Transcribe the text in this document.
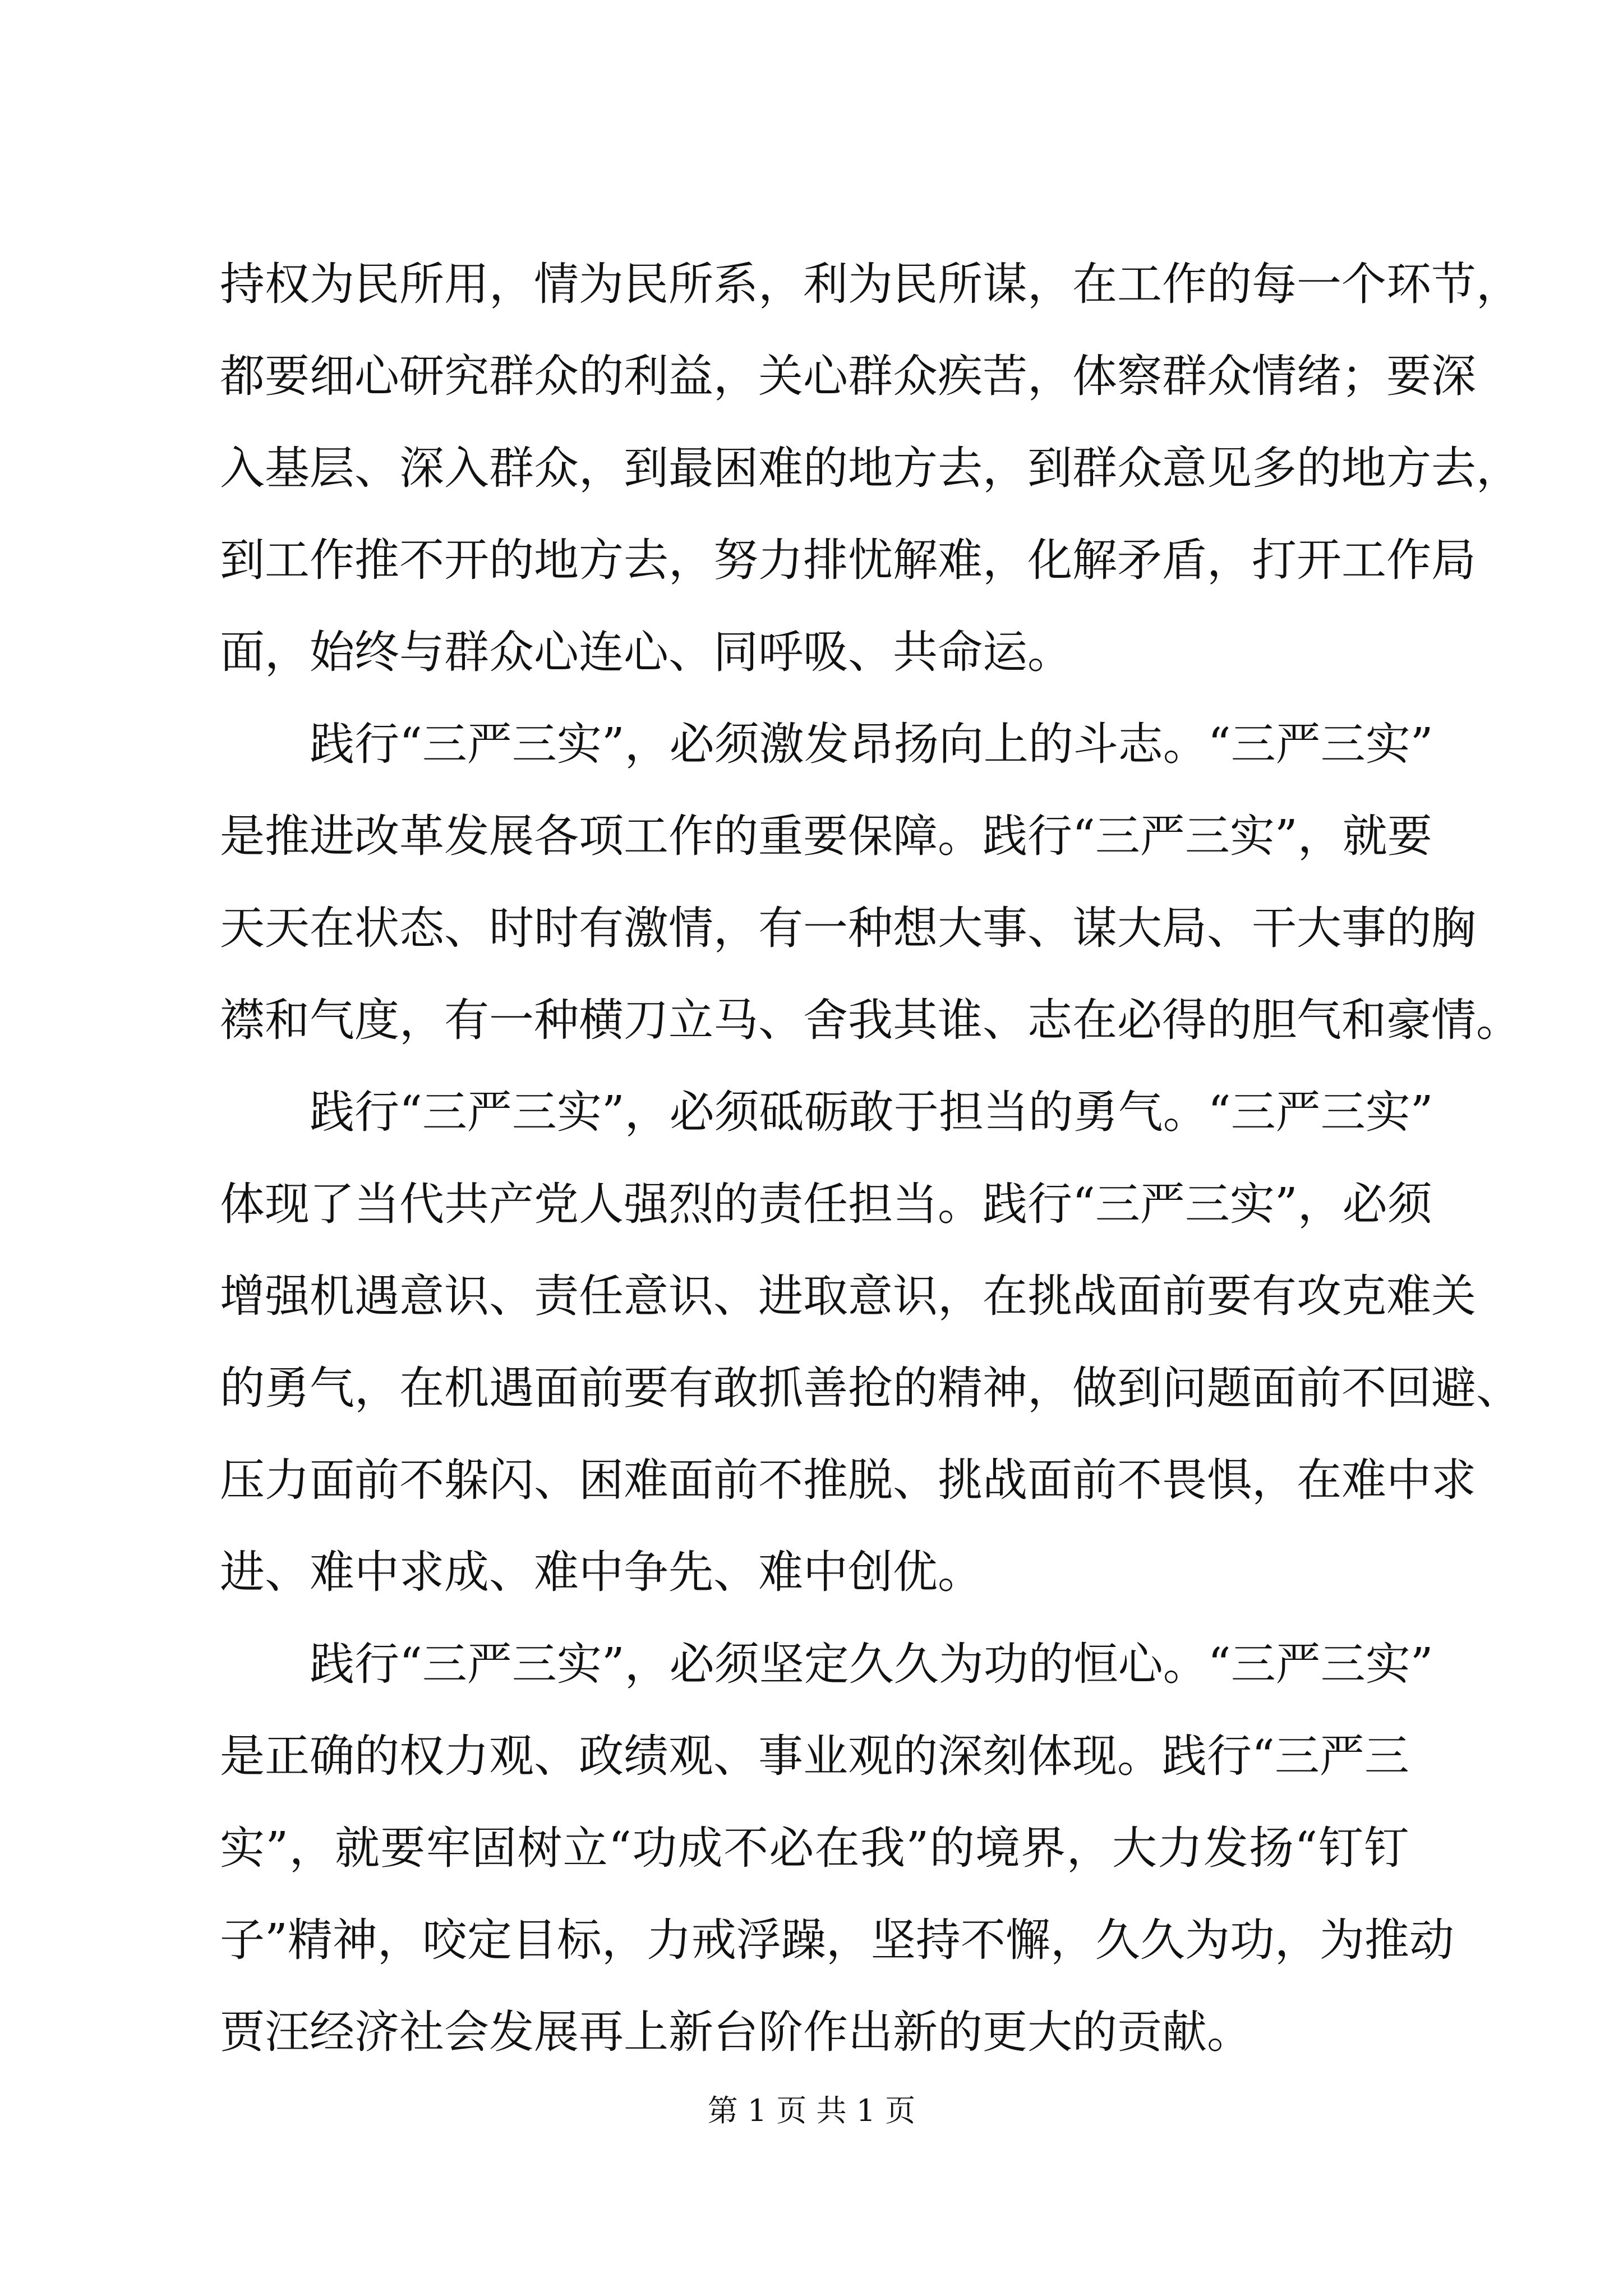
持权为民所用，情为民所系，利为民所谋，在工作的每一个环节，
都要细心研究群众的利益，关心群众疾苦，体察群众情绪；要深
入基层、深入群众，到最困难的地方去，到群众意见多的地方去，
到工作推不开的地方去，努力排忧解难，化解矛盾，打开工作局
面，始终与群众心连心、同呼吸、共命运。
践行“三严三实”，必须激发昂扬向上的斗志。“三严三实”
是推进改革发展各项工作的重要保障。践行“三严三实”，就要
天天在状态、时时有激情，有一种想大事、谋大局、干大事的胸
襟和气度，有一种横刀立马、舍我其谁、志在必得的胆气和豪情。
践行“三严三实”，必须砥砺敢于担当的勇气。“三严三实”
体现了当代共产党人强烈的责任担当。践行“三严三实”，必须
增强机遇意识、责任意识、进取意识，在挑战面前要有攻克难关
的勇气，在机遇面前要有敢抓善抢的精神，做到问题面前不回避、
压力面前不躲闪、困难面前不推脱、挑战面前不畏惧，在难中求
进、难中求成、难中争先、难中创优。
践行“三严三实”，必须坚定久久为功的恒心。“三严三实”
是正确的权力观、政绩观、事业观的深刻体现。践行“三严三
实”，就要牢固树立“功成不必在我”的境界，大力发扬“钉钉
子”精神，咬定目标，力戒浮躁，坚持不懈，久久为功，为推动
贾汪经济社会发展再上新台阶作出新的更大的贡献。
第 1 页 共 1 页
